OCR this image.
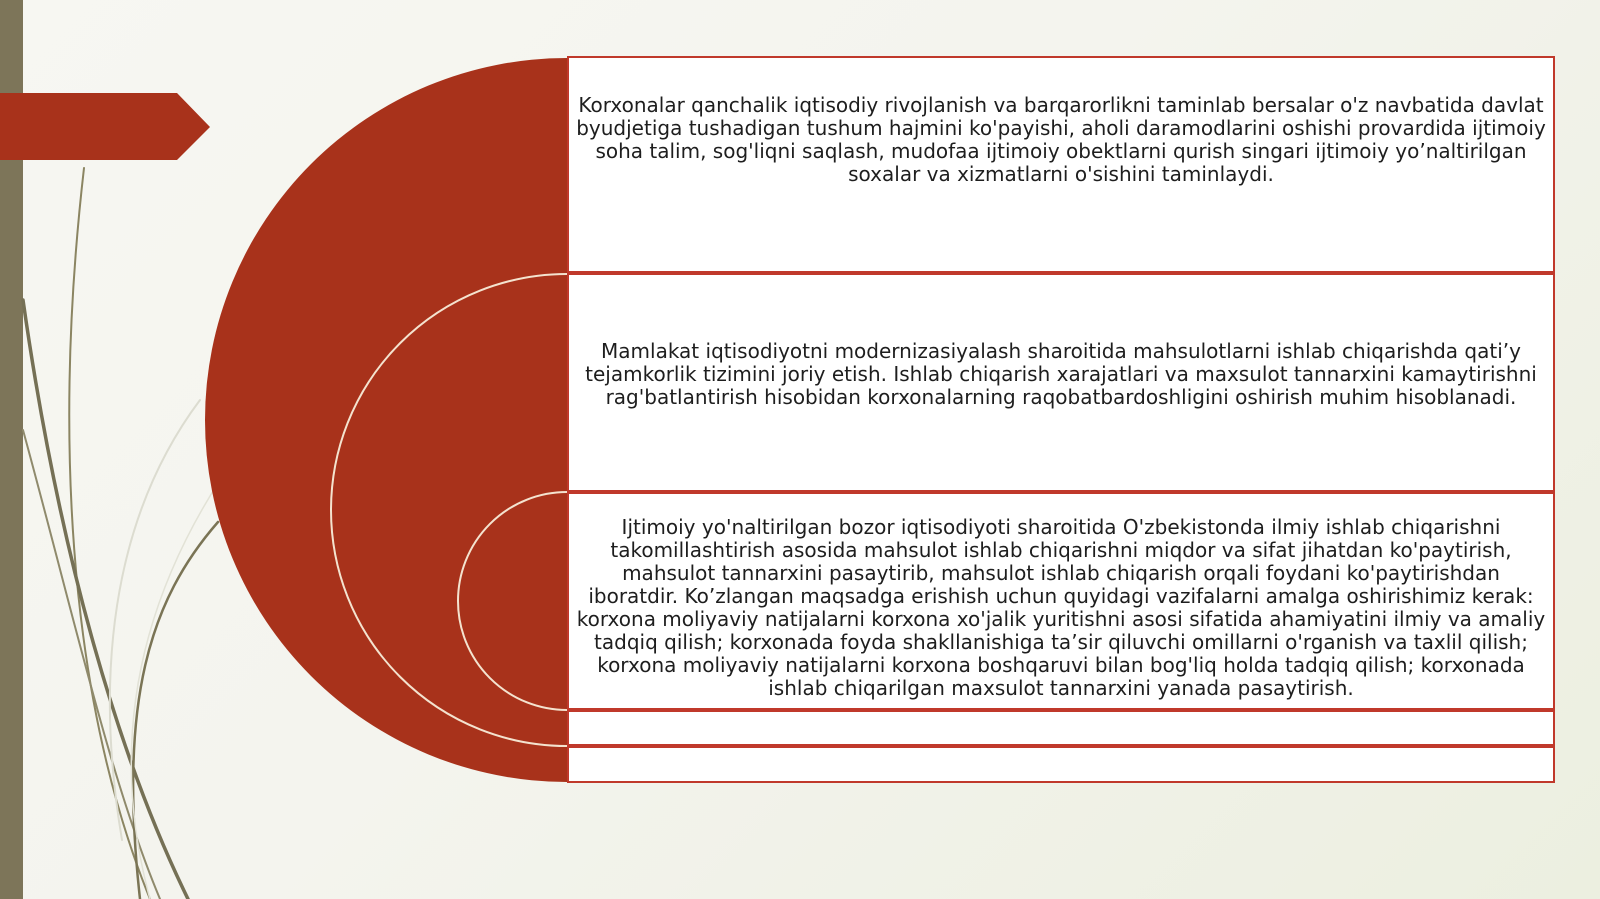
Korxonalar qanchalik iqtisodiy rivojlanish va barqarorlikni taminlab bersalar o'z navbatida davlat byudjetiga tushadigan tushum hajmini ko'payishi, aholi daramodlarini oshishi provardida ijtimoiy soha talim, sog'liqni saqlash, mudofaa ijtimoiy obektlarni qurish singari ijtimoiy yo’naltirilgan soxalar va xizmatlarni o'sishini taminlaydi.
Mamlakat iqtisodiyotni modernizasiyalash sharoitida mahsulotlarni ishlab chiqarishda qati’y tejamkorlik tizimini joriy etish. Ishlab chiqarish xarajatlari va maxsulot tannarxini kamaytirishni rag'batlantirish hisobidan korxonalarning raqobatbardoshligini oshirish muhim hisoblanadi.
Ijtimoiy yo'naltirilgan bozor iqtisodiyoti sharoitida O'zbekistonda ilmiy ishlab chiqarishni takomillashtirish asosida mahsulot ishlab chiqarishni miqdor va sifat jihatdan ko'paytirish, mahsulot tannarxini pasaytirib, mahsulot ishlab chiqarish orqali foydani ko'paytirishdan iboratdir. Ko’zlangan maqsadga erishish uchun quyidagi vazifalarni amalga oshirishimiz kerak: korxona moliyaviy natijalarni korxona xo'jalik yuritishni asosi sifatida ahamiyatini ilmiy va amaliy tadqiq qilish; korxonada foyda shakllanishiga ta’sir qiluvchi omillarni o'rganish va taxlil qilish; korxona moliyaviy natijalarni korxona boshqaruvi bilan bog'liq holda tadqiq qilish; korxonada ishlab chiqarilgan maxsulot tannarxini yanada pasaytirish.
